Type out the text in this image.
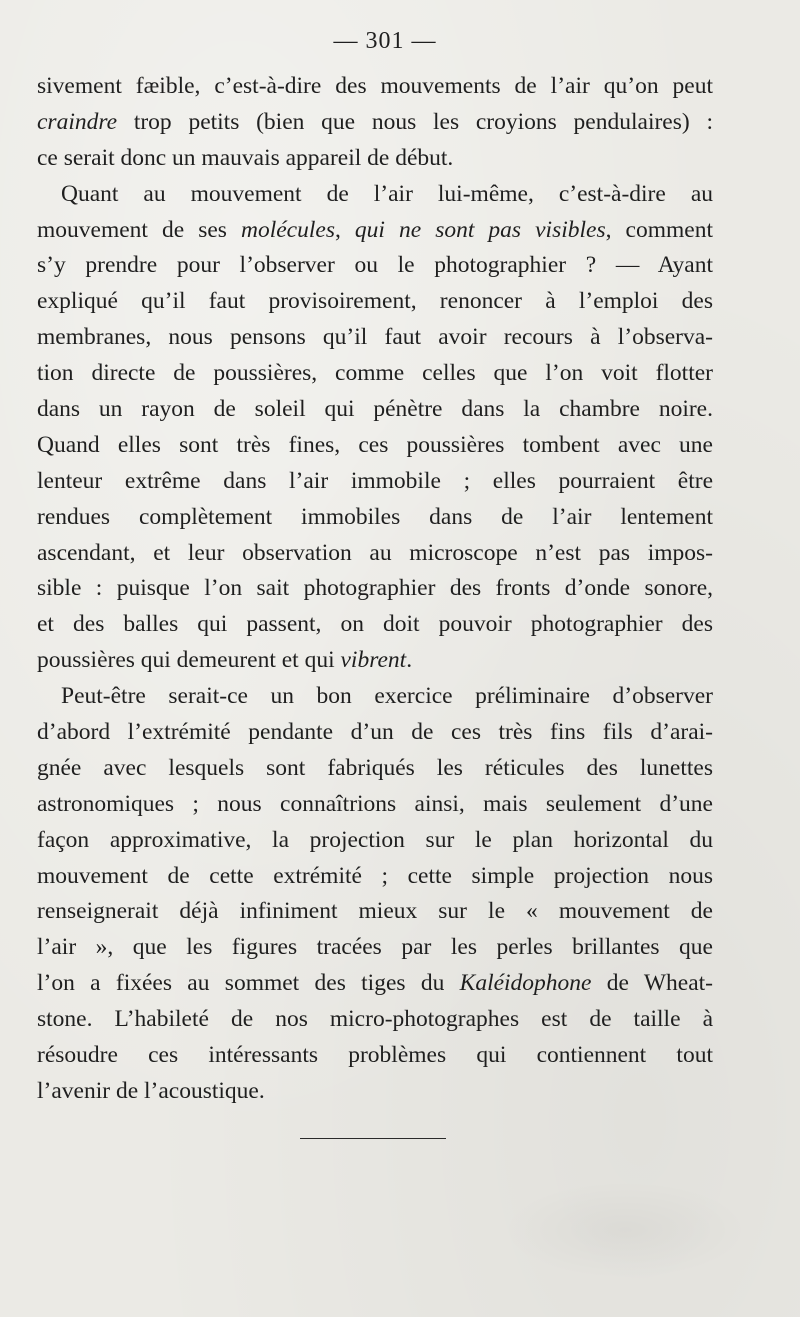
— 301 —
sivement fæible, c’est-à-dire des mouvements de l’air qu’on peut
craindre trop petits (bien que nous les croyions pendulaires) :
ce serait donc un mauvais appareil de début.
Quant au mouvement de l’air lui-même, c’est-à-dire au
mouvement de ses molécules, qui ne sont pas visibles, comment
s’y prendre pour l’observer ou le photographier ? — Ayant
expliqué qu’il faut provisoirement, renoncer à l’emploi des
membranes, nous pensons qu’il faut avoir recours à l’observa-
tion directe de poussières, comme celles que l’on voit flotter
dans un rayon de soleil qui pénètre dans la chambre noire.
Quand elles sont très fines, ces poussières tombent avec une
lenteur extrême dans l’air immobile ; elles pourraient être
rendues complètement immobiles dans de l’air lentement
ascendant, et leur observation au microscope n’est pas impos-
sible : puisque l’on sait photographier des fronts d’onde sonore,
et des balles qui passent, on doit pouvoir photographier des
poussières qui demeurent et qui vibrent.
Peut-être serait-ce un bon exercice préliminaire d’observer
d’abord l’extrémité pendante d’un de ces très fins fils d’arai-
gnée avec lesquels sont fabriqués les réticules des lunettes
astronomiques ; nous connaîtrions ainsi, mais seulement d’une
façon approximative, la projection sur le plan horizontal du
mouvement de cette extrémité ; cette simple projection nous
renseignerait déjà infiniment mieux sur le « mouvement de
l’air », que les figures tracées par les perles brillantes que
l’on a fixées au sommet des tiges du Kaléidophone de Wheat-
stone. L’habileté de nos micro-photographes est de taille à
résoudre ces intéressants problèmes qui contiennent tout
l’avenir de l’acoustique.
